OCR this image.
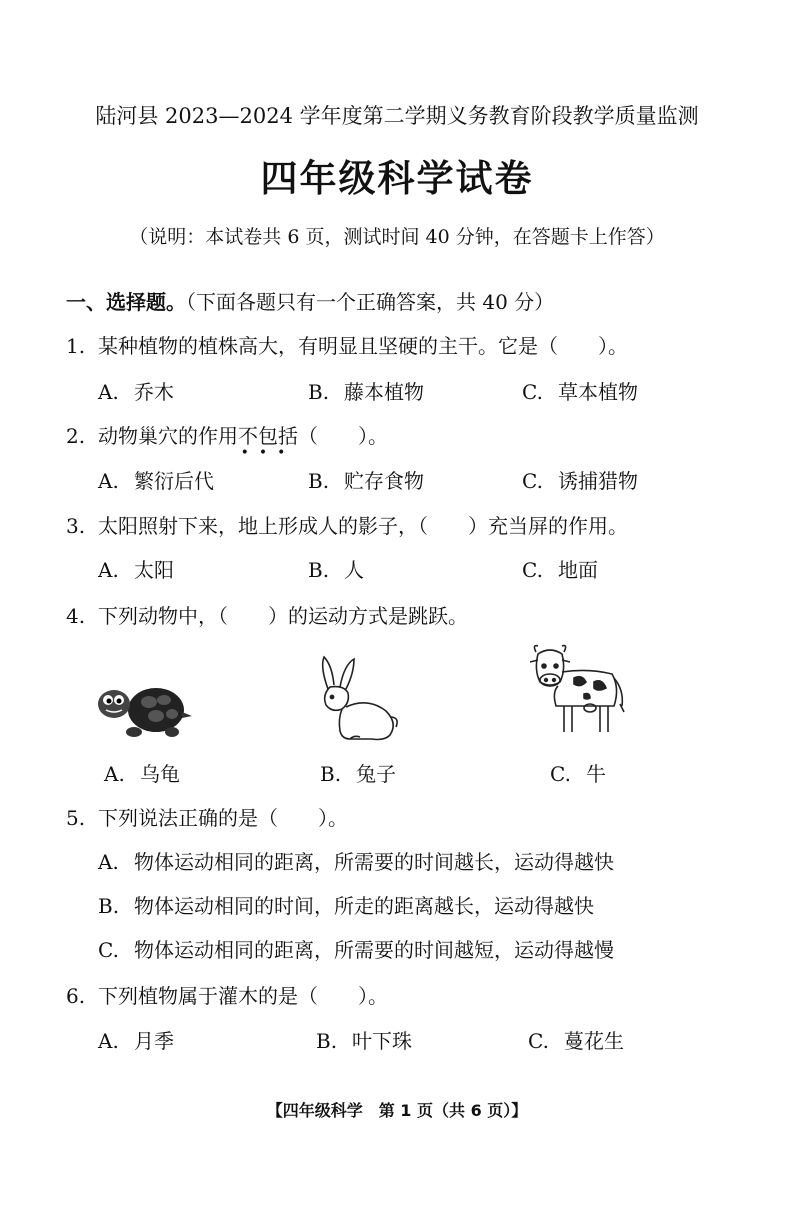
陆河县 2023—2024 学年度第二学期义务教育阶段教学质量监测
四年级科学试卷
（说明：本试卷共 6 页，测试时间 40 分钟，在答题卡上作答）
一、选择题。（下面各题只有一个正确答案，共 40 分）
1. 某种植物的植株高大，有明显且坚硬的主干。它是（　　）。
A. 乔木	B. 藤本植物	C. 草本植物
2. 动物巢穴的作用不包括
•••
（　　）。
A. 繁衍后代	B. 贮存食物	C. 诱捕猎物
3. 太阳照射下来，地上形成人的影子，（　　）充当屏的作用。
A. 太阳	B. 人	C. 地面
4. 下列动物中，（　　）的运动方式是跳跃。
A. 乌龟	B. 兔子	C. 牛
5. 下列说法正确的是（　　）。
A. 物体运动相同的距离，所需要的时间越长，运动得越快
B. 物体运动相同的时间，所走的距离越长，运动得越快
C. 物体运动相同的距离，所需要的时间越短，运动得越慢
6. 下列植物属于灌木的是（　　）。
A. 月季	B. 叶下珠	C. 蔓花生
【四年级科学　第 1 页（共 6 页）】
